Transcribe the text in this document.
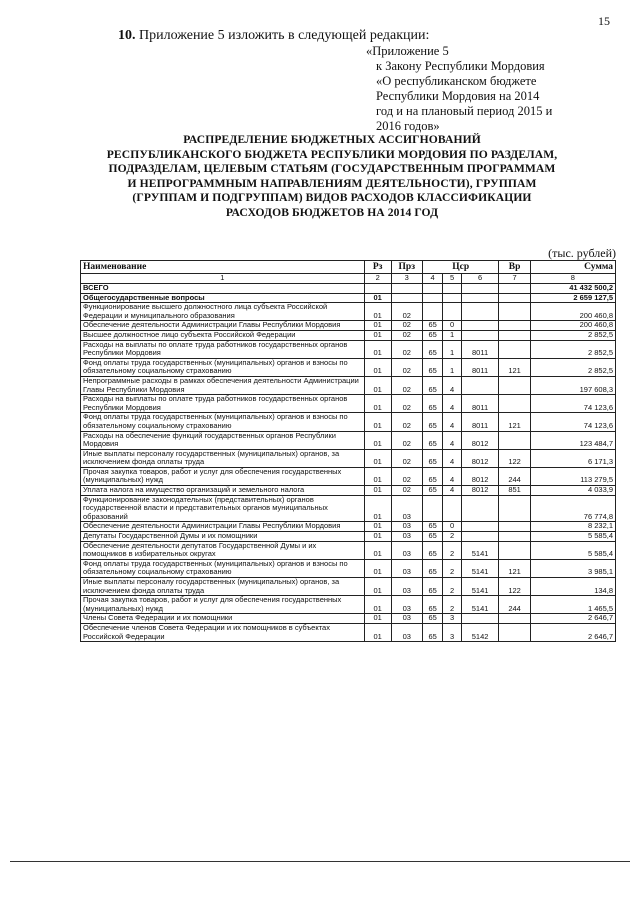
15
10. Приложение 5 изложить в следующей редакции:
«Приложение 5
к Закону Республики Мордовия
«О республиканском бюджете
Республики Мордовия на 2014
год и на плановый период 2015 и
2016 годов»
РАСПРЕДЕЛЕНИЕ БЮДЖЕТНЫХ АССИГНОВАНИЙ
РЕСПУБЛИКАНСКОГО БЮДЖЕТА РЕСПУБЛИКИ МОРДОВИЯ ПО РАЗДЕЛАМ,
ПОДРАЗДЕЛАМ, ЦЕЛЕВЫМ СТАТЬЯМ (ГОСУДАРСТВЕННЫМ ПРОГРАММАМ
И НЕПРОГРАММНЫМ НАПРАВЛЕНИЯМ ДЕЯТЕЛЬНОСТИ), ГРУППАМ
(ГРУППАМ И ПОДГРУППАМ) ВИДОВ РАСХОДОВ КЛАССИФИКАЦИИ
РАСХОДОВ БЮДЖЕТОВ НА 2014 ГОД
(тыс. рублей)
Наименование	Рз	Прз	Цср			Вр	Сумма
1	2	3	4	5	6	7	8
ВСЕГО							41 432 500,2
Общегосударственные вопросы	01						2 659 127,5
Функционирование высшего должностного лица субъекта Российской Федерации и муниципального образования	01	02					200 460,8
Обеспечение деятельности Администрации Главы Республики Мордовия	01	02	65	0			200 460,8
Высшее должностное лицо субъекта Российской Федерации	01	02	65	1			2 852,5
Расходы на выплаты по оплате труда работников государственных органов Республики Мордовия	01	02	65	1	8011		2 852,5
Фонд оплаты труда государственных (муниципальных) органов и взносы по обязательному социальному страхованию	01	02	65	1	8011	121	2 852,5
Непрограммные расходы в рамках обеспечения деятельности Администрации Главы Республики Мордовия	01	02	65	4			197 608,3
Расходы на выплаты по оплате труда работников государственных органов Республики Мордовия	01	02	65	4	8011		74 123,6
Фонд оплаты труда государственных (муниципальных) органов и взносы по обязательному социальному страхованию	01	02	65	4	8011	121	74 123,6
Расходы на обеспечение функций государственных органов Республики Мордовия	01	02	65	4	8012		123 484,7
Иные выплаты персоналу государственных (муниципальных) органов, за исключением фонда оплаты труда	01	02	65	4	8012	122	6 171,3
Прочая закупка товаров, работ и услуг для обеспечения государственных (муниципальных) нужд	01	02	65	4	8012	244	113 279,5
Уплата налога на имущество организаций и земельного налога	01	02	65	4	8012	851	4 033,9
Функционирование законодательных (представительных) органов государственной власти и представительных органов муниципальных образований	01	03					76 774,8
Обеспечение деятельности Администрации Главы Республики Мордовия	01	03	65	0			8 232,1
Депутаты Государственной Думы и их помощники	01	03	65	2			5 585,4
Обеспечение деятельности депутатов Государственной Думы и их помощников в избирательных округах	01	03	65	2	5141		5 585,4
Фонд оплаты труда государственных (муниципальных) органов и взносы по обязательному социальному страхованию	01	03	65	2	5141	121	3 985,1
Иные выплаты персоналу государственных (муниципальных) органов, за исключением фонда оплаты труда	01	03	65	2	5141	122	134,8
Прочая закупка товаров, работ и услуг для обеспечения государственных (муниципальных) нужд	01	03	65	2	5141	244	1 465,5
Члены Совета Федерации и их помощники	01	03	65	3			2 646,7
Обеспечение членов Совета Федерации и их помощников в субъектах Российской Федерации	01	03	65	3	5142		2 646,7
